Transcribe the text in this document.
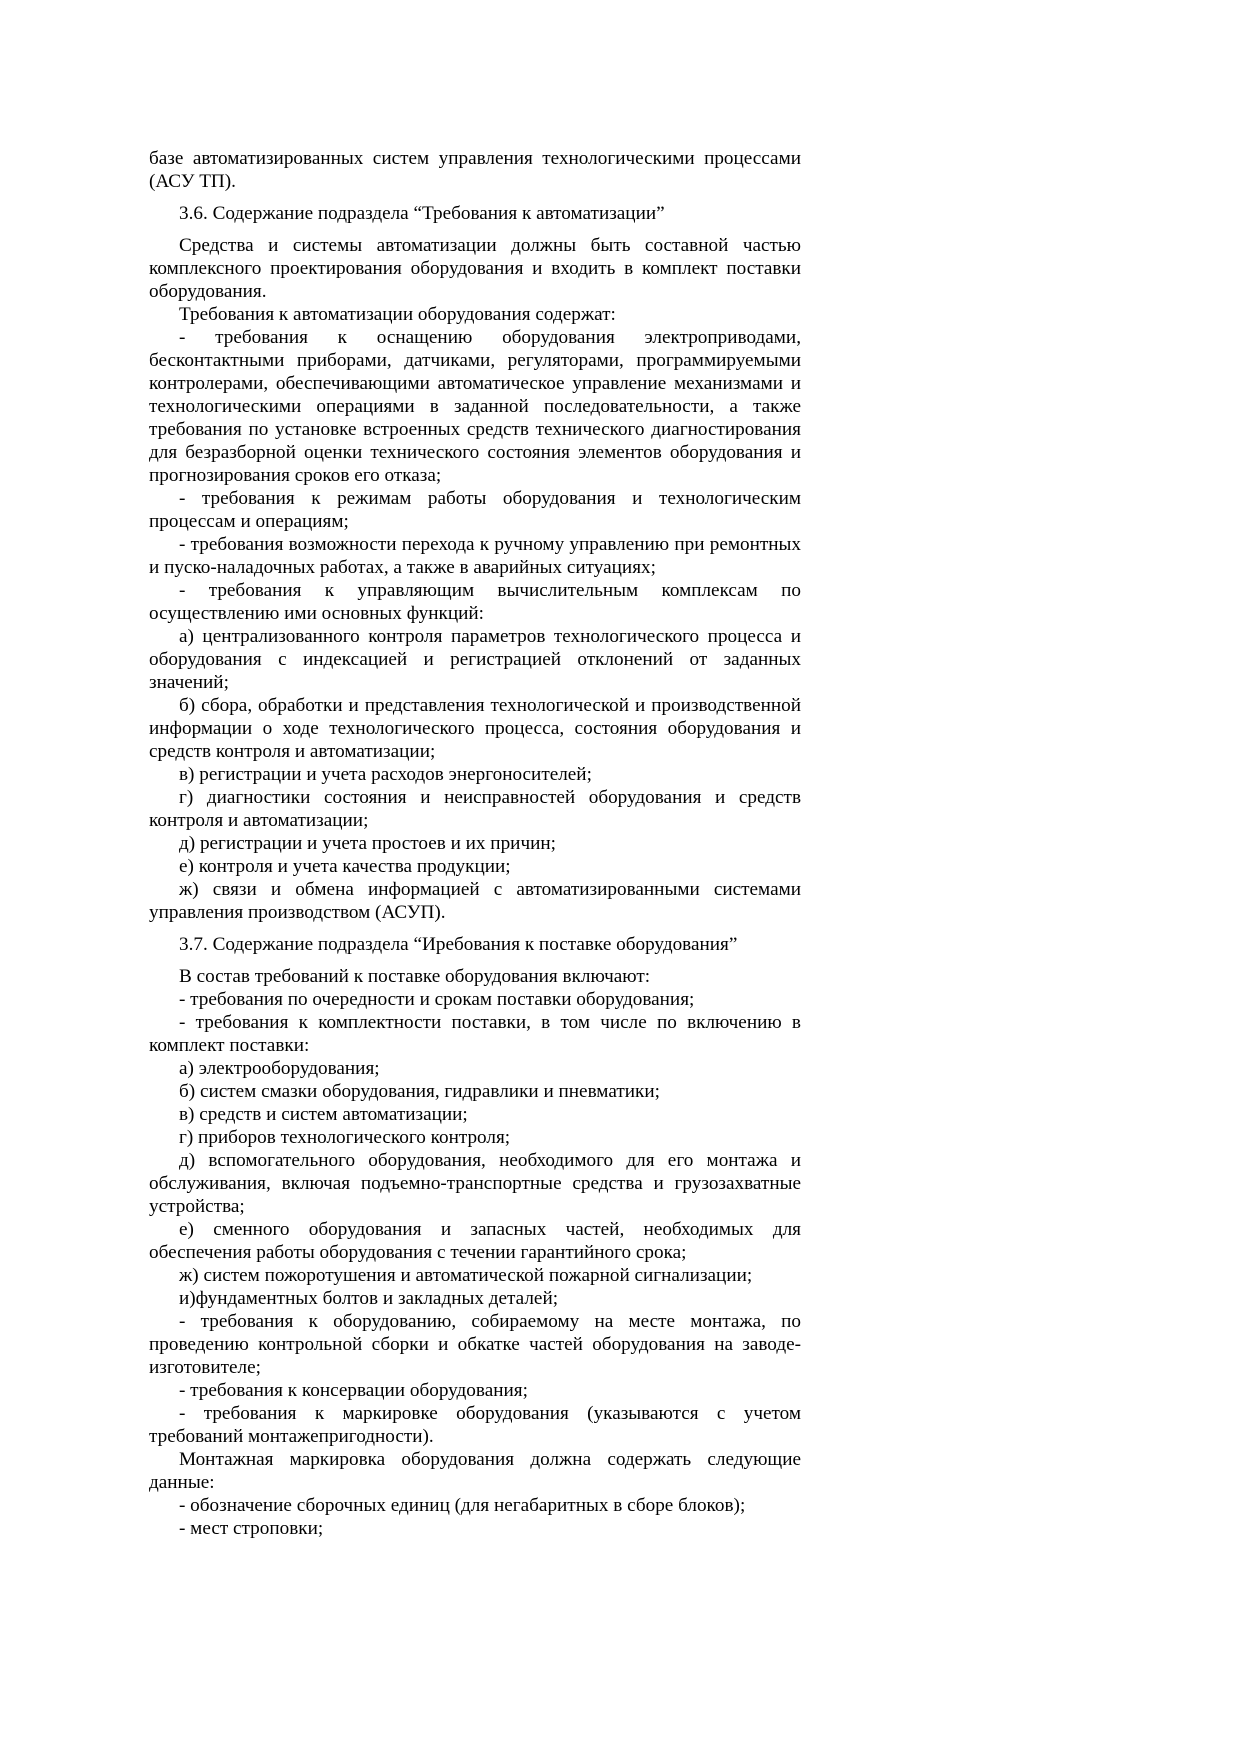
базе автоматизированных систем управления технологическими процессами (АСУ ТП).

3.6. Содержание подраздела “Требования к автоматизации”

Средства и системы автоматизации должны быть составной частью комплексного проектирования оборудования и входить в комплект поставки оборудования.

Требования к автоматизации оборудования содержат:

- требования к оснащению оборудования электроприводами, бесконтактными приборами, датчиками, регуляторами, программируемыми контролерами, обеспечивающими автоматическое управление механизмами и технологическими операциями в заданной последовательности, а также требования по установке встроенных средств технического диагностирования для безразборной оценки технического состояния элементов оборудования и прогнозирования сроков его отказа;

- требования к режимам работы оборудования и технологическим процессам и операциям;

- требования возможности перехода к ручному управлению при ремонтных и пуско-наладочных работах, а также в аварийных ситуациях;

- требования к управляющим вычислительным комплексам по осуществлению ими основных функций:

а) централизованного контроля параметров технологического процесса и оборудования с индексацией и регистрацией отклонений от заданных значений;

б) сбора, обработки и представления технологической и производственной информации о ходе технологического процесса, состояния оборудования и средств контроля и автоматизации;

в) регистрации и учета расходов энергоносителей;

г) диагностики состояния и неисправностей оборудования и средств контроля и автоматизации;

д) регистрации и учета простоев и их причин;

е) контроля и учета качества продукции;

ж) связи и обмена информацией с автоматизированными системами управления производством (АСУП).

3.7. Содержание подраздела “Иребования к поставке оборудования”

В состав требований к поставке оборудования включают:

- требования по очередности и срокам поставки оборудования;

- требования к комплектности поставки, в том числе по включению в комплект поставки:

а) электрооборудования;

б) систем смазки оборудования, гидравлики и пневматики;

в) средств и систем автоматизации;

г) приборов технологического контроля;

д) вспомогательного оборудования, необходимого для его монтажа и обслуживания, включая подъемно-транспортные средства и грузозахватные устройства;

е) сменного оборудования и запасных частей, необходимых для обеспечения работы оборудования с течении гарантийного срока;

ж) систем пожоротушения и автоматической пожарной сигнализации;

и)фундаментных болтов и закладных деталей;

- требования к оборудованию, собираемому на месте монтажа, по проведению контрольной сборки и обкатке частей оборудования на заводе-изготовителе;

- требования к консервации оборудования;

- требования к маркировке оборудования (указываются с учетом требований монтажепригодности).

Монтажная маркировка оборудования должна содержать следующие данные:

- обозначение сборочных единиц (для негабаритных в сборе блоков);

- мест строповки;
